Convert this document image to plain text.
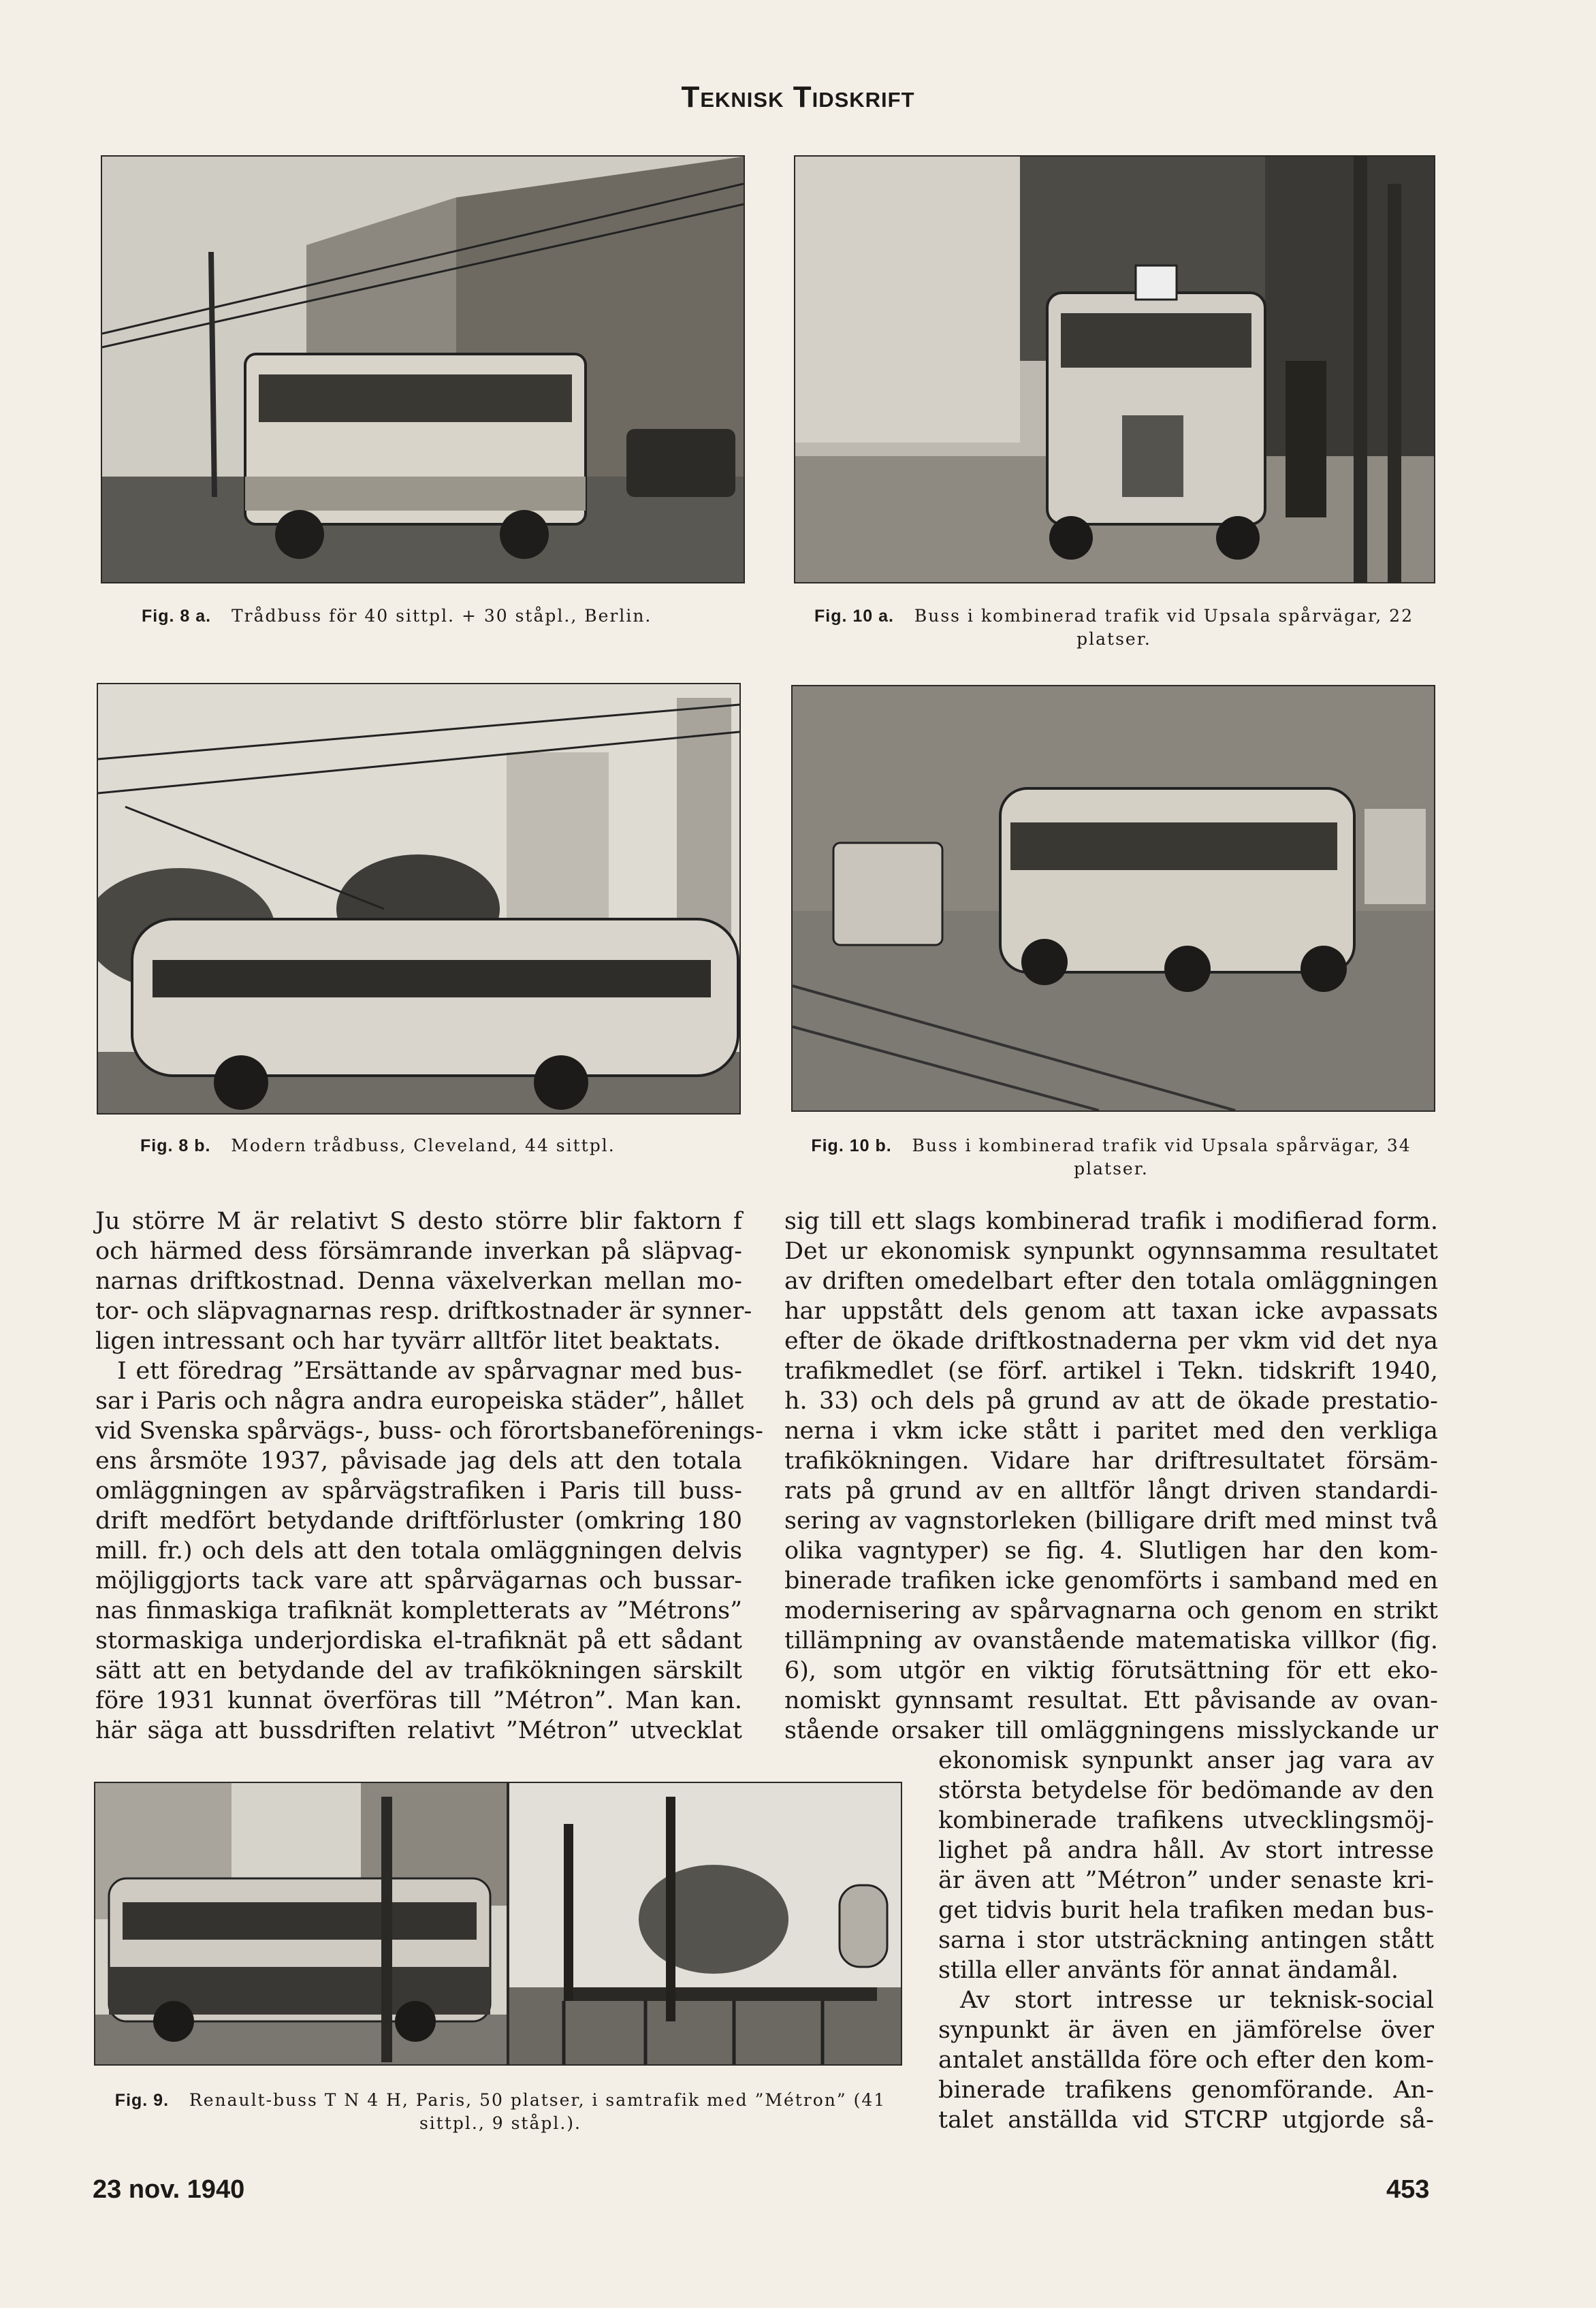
Teknisk Tidskrift
Fig. 8 a. Trådbuss för 40 sittpl. + 30 ståpl., Berlin.	Fig. 10 a. Buss i kombinerad trafik vid Upsala spårvägar, 22 platser.
Fig. 8 b. Modern trådbuss, Cleveland, 44 sittpl.	Fig. 10 b. Buss i kombinerad trafik vid Upsala spårvägar, 34 platser.
Ju större M är relativt S desto större blir faktorn f
och härmed dess försämrande inverkan på släpvag-
narnas driftkostnad. Denna växelverkan mellan mo-
tor- och släpvagnarnas resp. driftkostnader är synner-
ligen intressant och har tyvärr alltför litet beaktats.
I ett föredrag ”Ersättande av spårvagnar med bus-
sar i Paris och några andra europeiska städer”, hållet
vid Svenska spårvägs-, buss- och förortsbaneförenings-
ens årsmöte 1937, påvisade jag dels att den totala
omläggningen av spårvägstrafiken i Paris till buss-
drift medfört betydande driftförluster (omkring 180
mill. fr.) och dels att den totala omläggningen delvis
möjliggjorts tack vare att spårvägarnas och bussar-
nas finmaskiga trafiknät kompletterats av ”Métrons”
stormaskiga underjordiska el-trafiknät på ett sådant
sätt att en betydande del av trafikökningen särskilt
före 1931 kunnat överföras till ”Métron”. Man kan.
här säga att bussdriften relativt ”Métron” utvecklat
sig till ett slags kombinerad trafik i modifierad form.
Det ur ekonomisk synpunkt ogynnsamma resultatet
av driften omedelbart efter den totala omläggningen
har uppstått dels genom att taxan icke avpassats
efter de ökade driftkostnaderna per vkm vid det nya
trafikmedlet (se förf. artikel i Tekn. tidskrift 1940,
h. 33) och dels på grund av att de ökade prestatio-
nerna i vkm icke stått i paritet med den verkliga
trafikökningen. Vidare har driftresultatet försäm-
rats på grund av en alltför långt driven standardi-
sering av vagnstorleken (billigare drift med minst två
olika vagntyper) se fig. 4. Slutligen har den kom-
binerade trafiken icke genomförts i samband med en
modernisering av spårvagnarna och genom en strikt
tillämpning av ovanstående matematiska villkor (fig.
6), som utgör en viktig förutsättning för ett eko-
nomiskt gynnsamt resultat. Ett påvisande av ovan-
stående orsaker till omläggningens misslyckande ur
ekonomisk synpunkt anser jag vara av
största betydelse för bedömande av den
kombinerade trafikens utvecklingsmöj-
lighet på andra håll. Av stort intresse
är även att ”Métron” under senaste kri-
get tidvis burit hela trafiken medan bus-
sarna i stor utsträckning antingen stått
stilla eller använts för annat ändamål.
Av stort intresse ur teknisk-social
synpunkt är även en jämförelse över
antalet anställda före och efter den kom-
binerade trafikens genomförande. An-
talet anställda vid STCRP utgjorde så-
Fig. 9. Renault-buss T N 4 H, Paris, 50 platser, i samtrafik med ”Métron” (41 sittpl., 9 ståpl.).
23 nov. 1940	453
